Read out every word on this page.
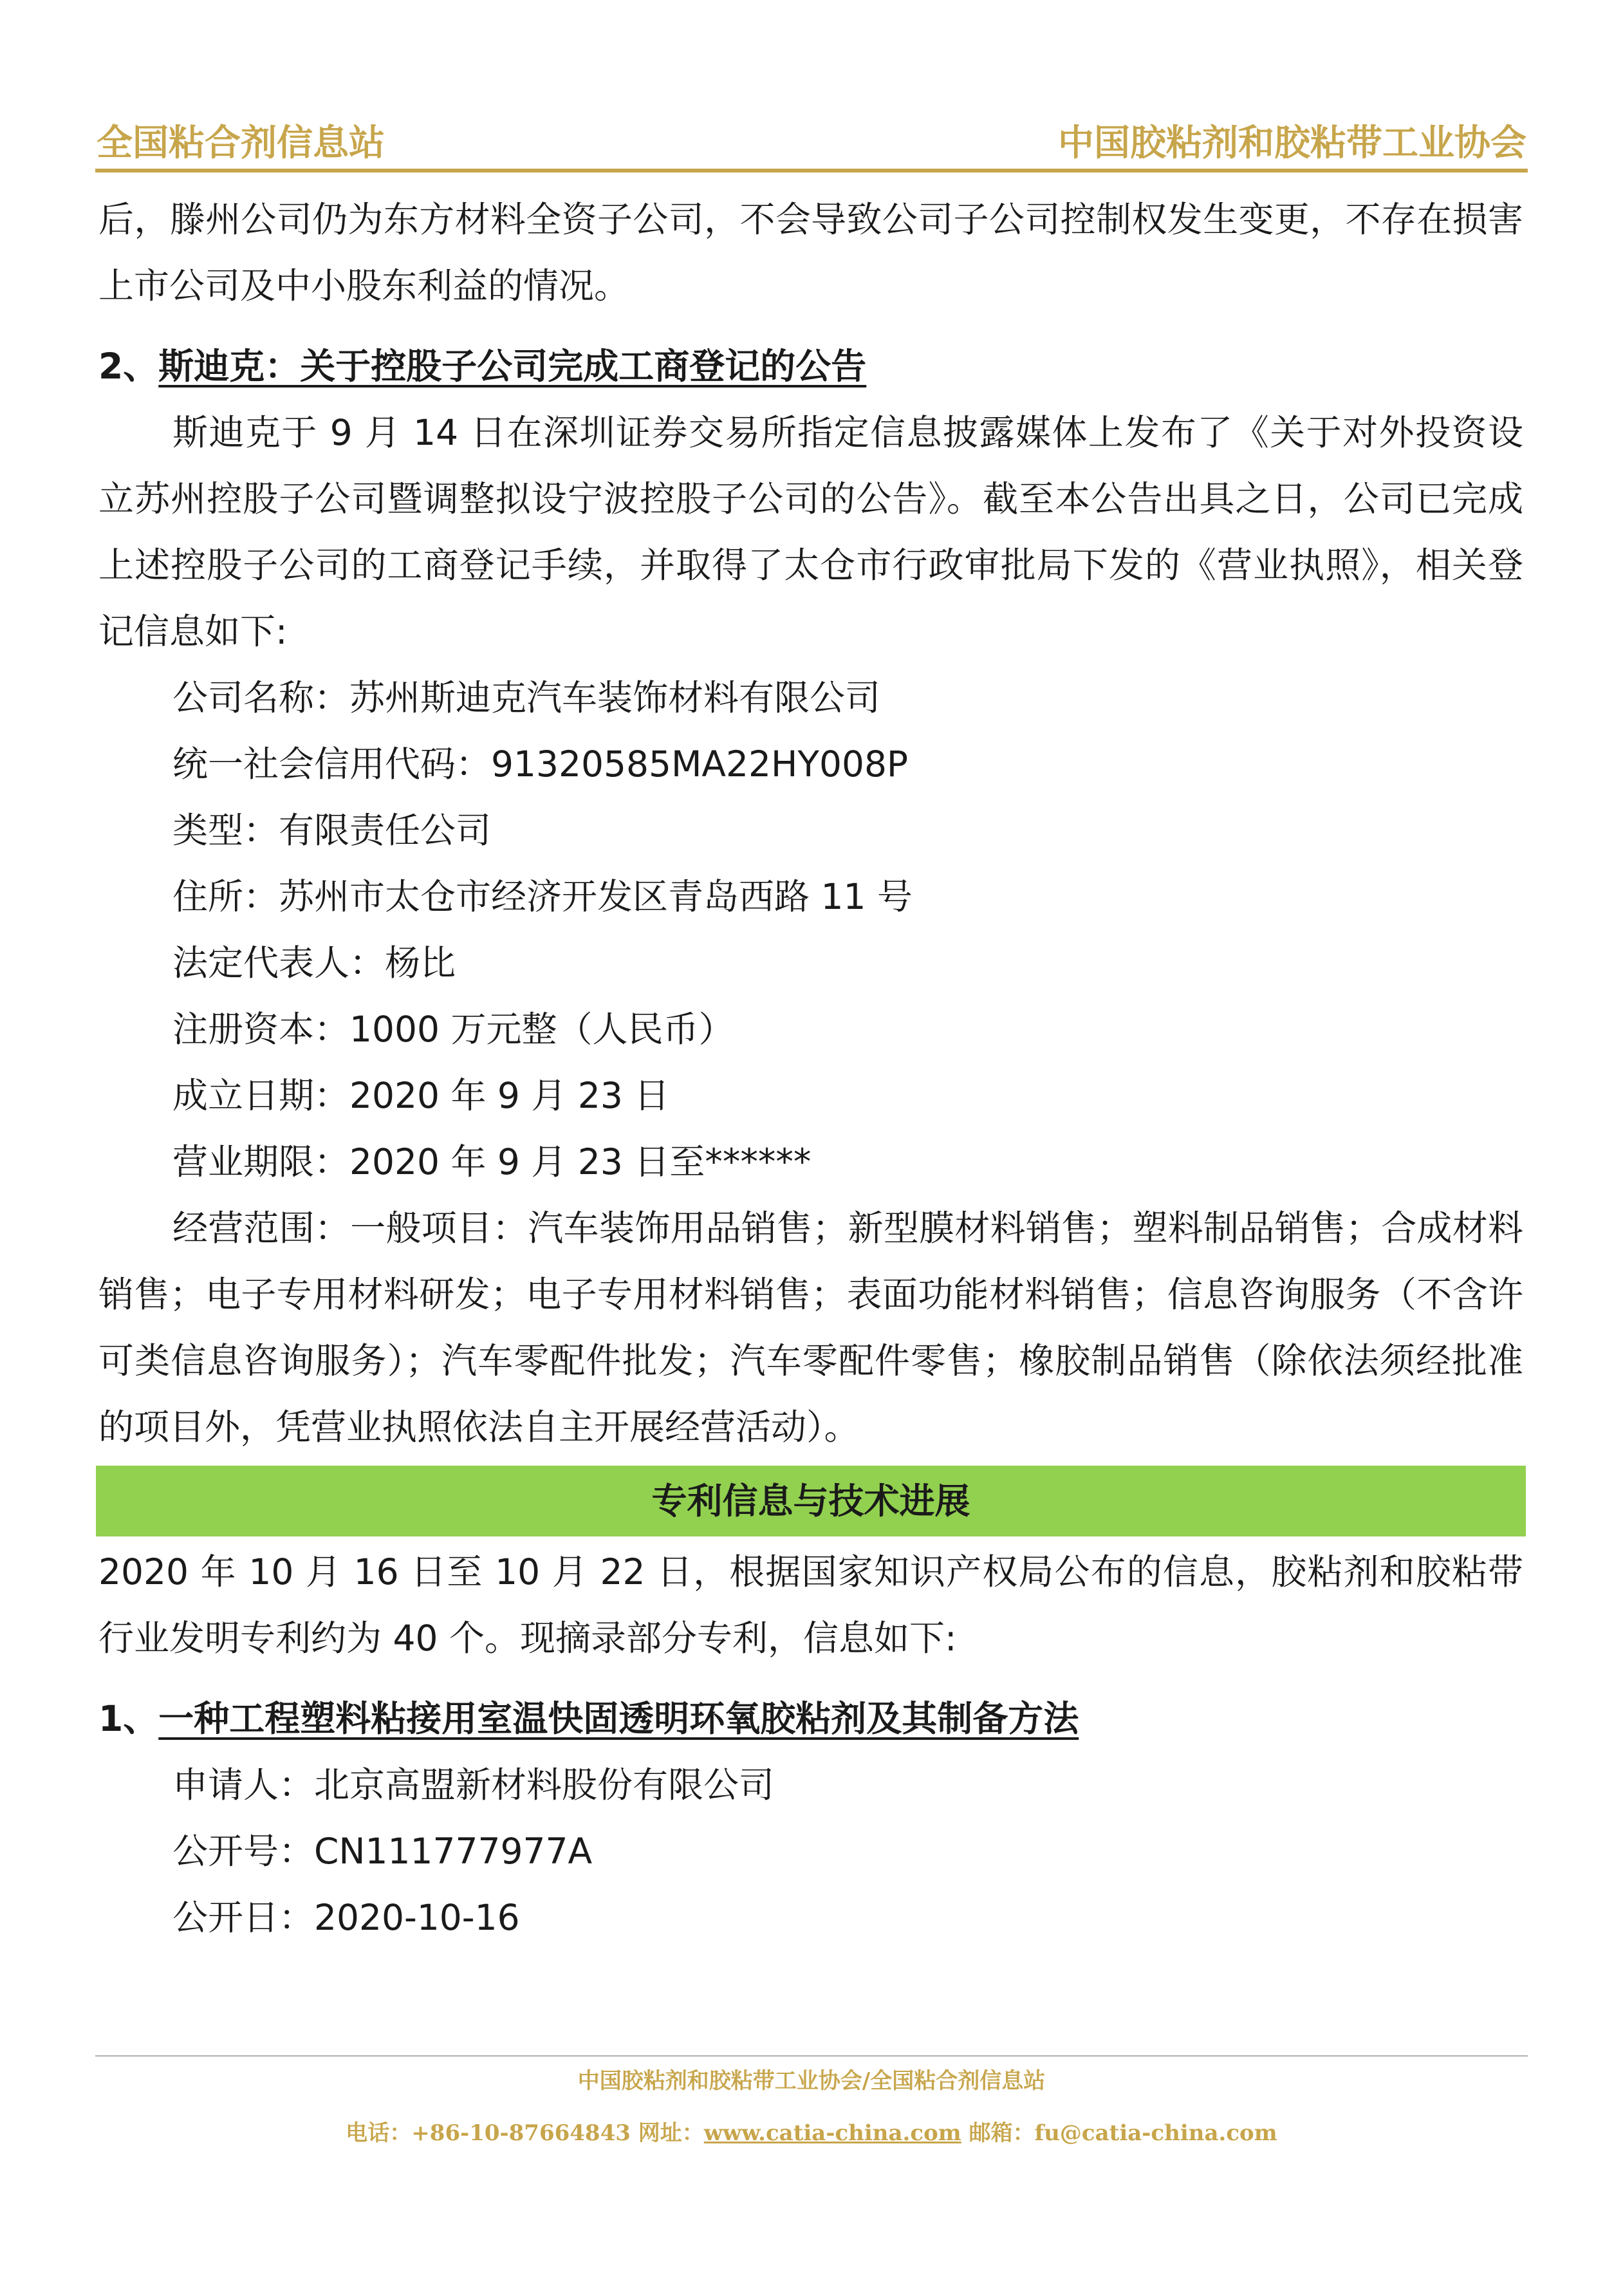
全国粘合剂信息站	中国胶粘剂和胶粘带工业协会

后，滕州公司仍为东方材料全资子公司，不会导致公司子公司控制权发生变更，不存在损害上市公司及中小股东利益的情况。

2、斯迪克：关于控股子公司完成工商登记的公告

斯迪克于 9 月 14 日在深圳证券交易所指定信息披露媒体上发布了《关于对外投资设立苏州控股子公司暨调整拟设宁波控股子公司的公告》。截至本公告出具之日，公司已完成上述控股子公司的工商登记手续，并取得了太仓市行政审批局下发的《营业执照》，相关登记信息如下:

公司名称：苏州斯迪克汽车装饰材料有限公司
统一社会信用代码：91320585MA22HY008P
类型：有限责任公司
住所：苏州市太仓市经济开发区青岛西路 11 号
法定代表人：杨比
注册资本：1000 万元整（人民币）
成立日期：2020 年 9 月 23 日
营业期限：2020 年 9 月 23 日至******

经营范围：一般项目：汽车装饰用品销售；新型膜材料销售；塑料制品销售；合成材料销售；电子专用材料研发；电子专用材料销售；表面功能材料销售；信息咨询服务（不含许可类信息咨询服务）；汽车零配件批发；汽车零配件零售；橡胶制品销售（除依法须经批准的项目外，凭营业执照依法自主开展经营活动）。

专利信息与技术进展

2020 年 10 月 16 日至 10 月 22 日，根据国家知识产权局公布的信息，胶粘剂和胶粘带行业发明专利约为 40 个。现摘录部分专利，信息如下:

1、一种工程塑料粘接用室温快固透明环氧胶粘剂及其制备方法

申请人：北京高盟新材料股份有限公司
公开号：CN111777977A
公开日：2020-10-16
中国胶粘剂和胶粘带工业协会/全国粘合剂信息站
电话：+86-10-87664843 网址：www.catia-china.com 邮箱：fu@catia-china.com
